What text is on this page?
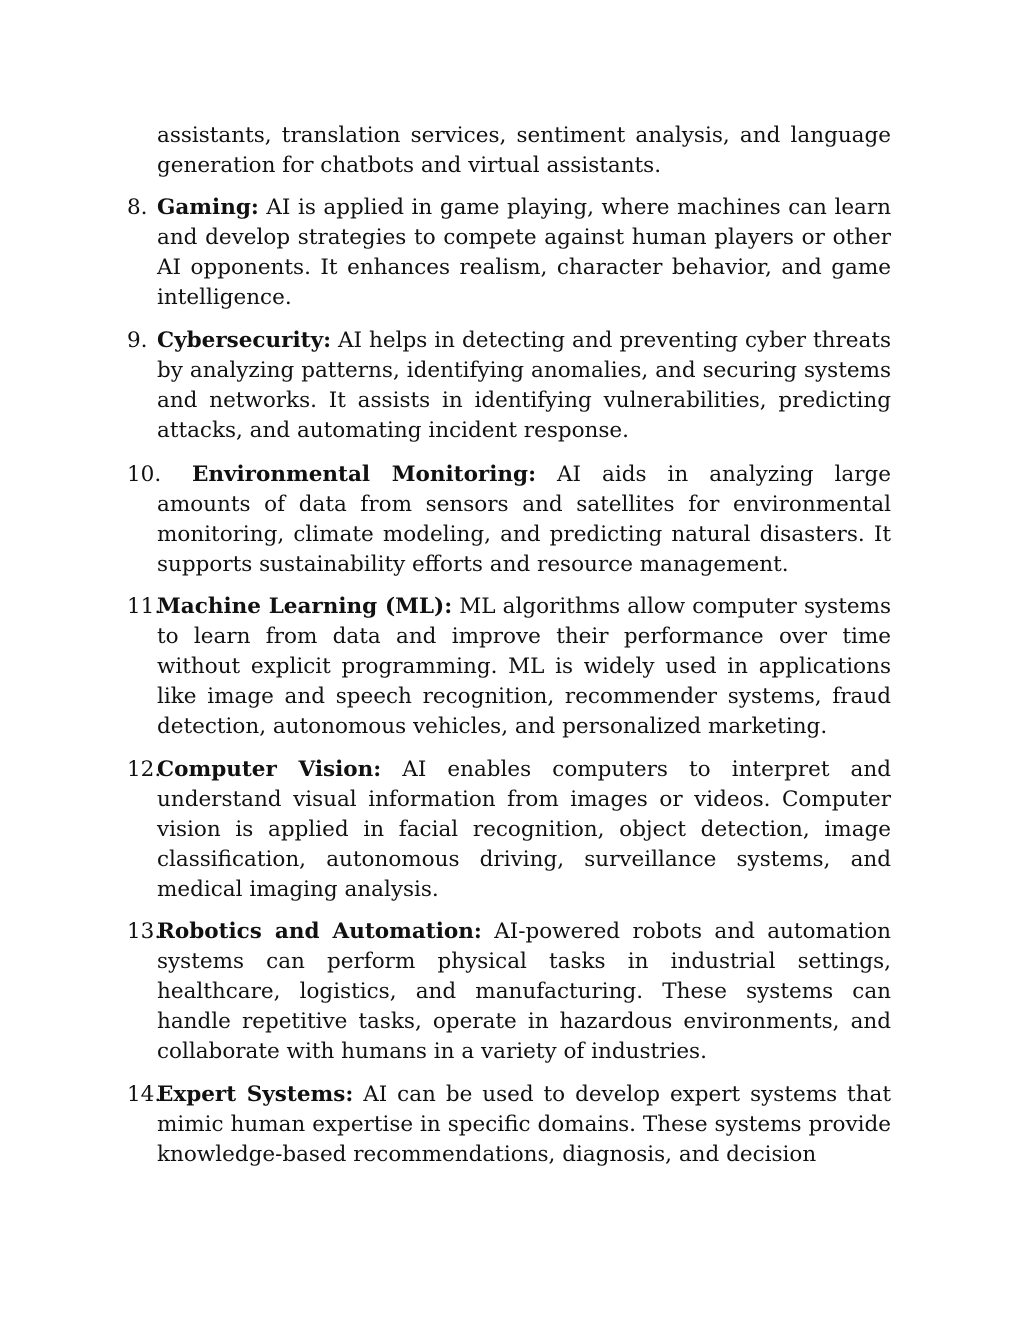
assistants, translation services, sentiment analysis, and language generation for chatbots and virtual assistants.

8. Gaming: AI is applied in game playing, where machines can learn and develop strategies to compete against human players or other AI opponents. It enhances realism, character behavior, and game intelligence.
9. Cybersecurity: AI helps in detecting and preventing cyber threats by analyzing patterns, identifying anomalies, and securing systems and networks. It assists in identifying vulnerabilities, predicting attacks, and automating incident response.
10. Environmental Monitoring: AI aids in analyzing large amounts of data from sensors and satellites for environmental monitoring, climate modeling, and predicting natural disasters. It supports sustainability efforts and resource management.
11.
Machine Learning (ML): ML algorithms allow computer systems to learn from data and improve their performance over time without explicit programming. ML is widely used in applications like image and speech recognition, recommender systems, fraud detection, autonomous vehicles, and personalized marketing.
12.
Computer Vision: AI enables computers to interpret and understand visual information from images or videos. Computer vision is applied in facial recognition, object detection, image classification, autonomous driving, surveillance systems, and medical imaging analysis.
13.
Robotics and Automation: AI-powered robots and automation systems can perform physical tasks in industrial settings, healthcare, logistics, and manufacturing. These systems can handle repetitive tasks, operate in hazardous environments, and collaborate with humans in a variety of industries.
14.
Expert Systems: AI can be used to develop expert systems that mimic human expertise in specific domains. These systems provide knowledge-based recommendations, diagnosis, and decision
